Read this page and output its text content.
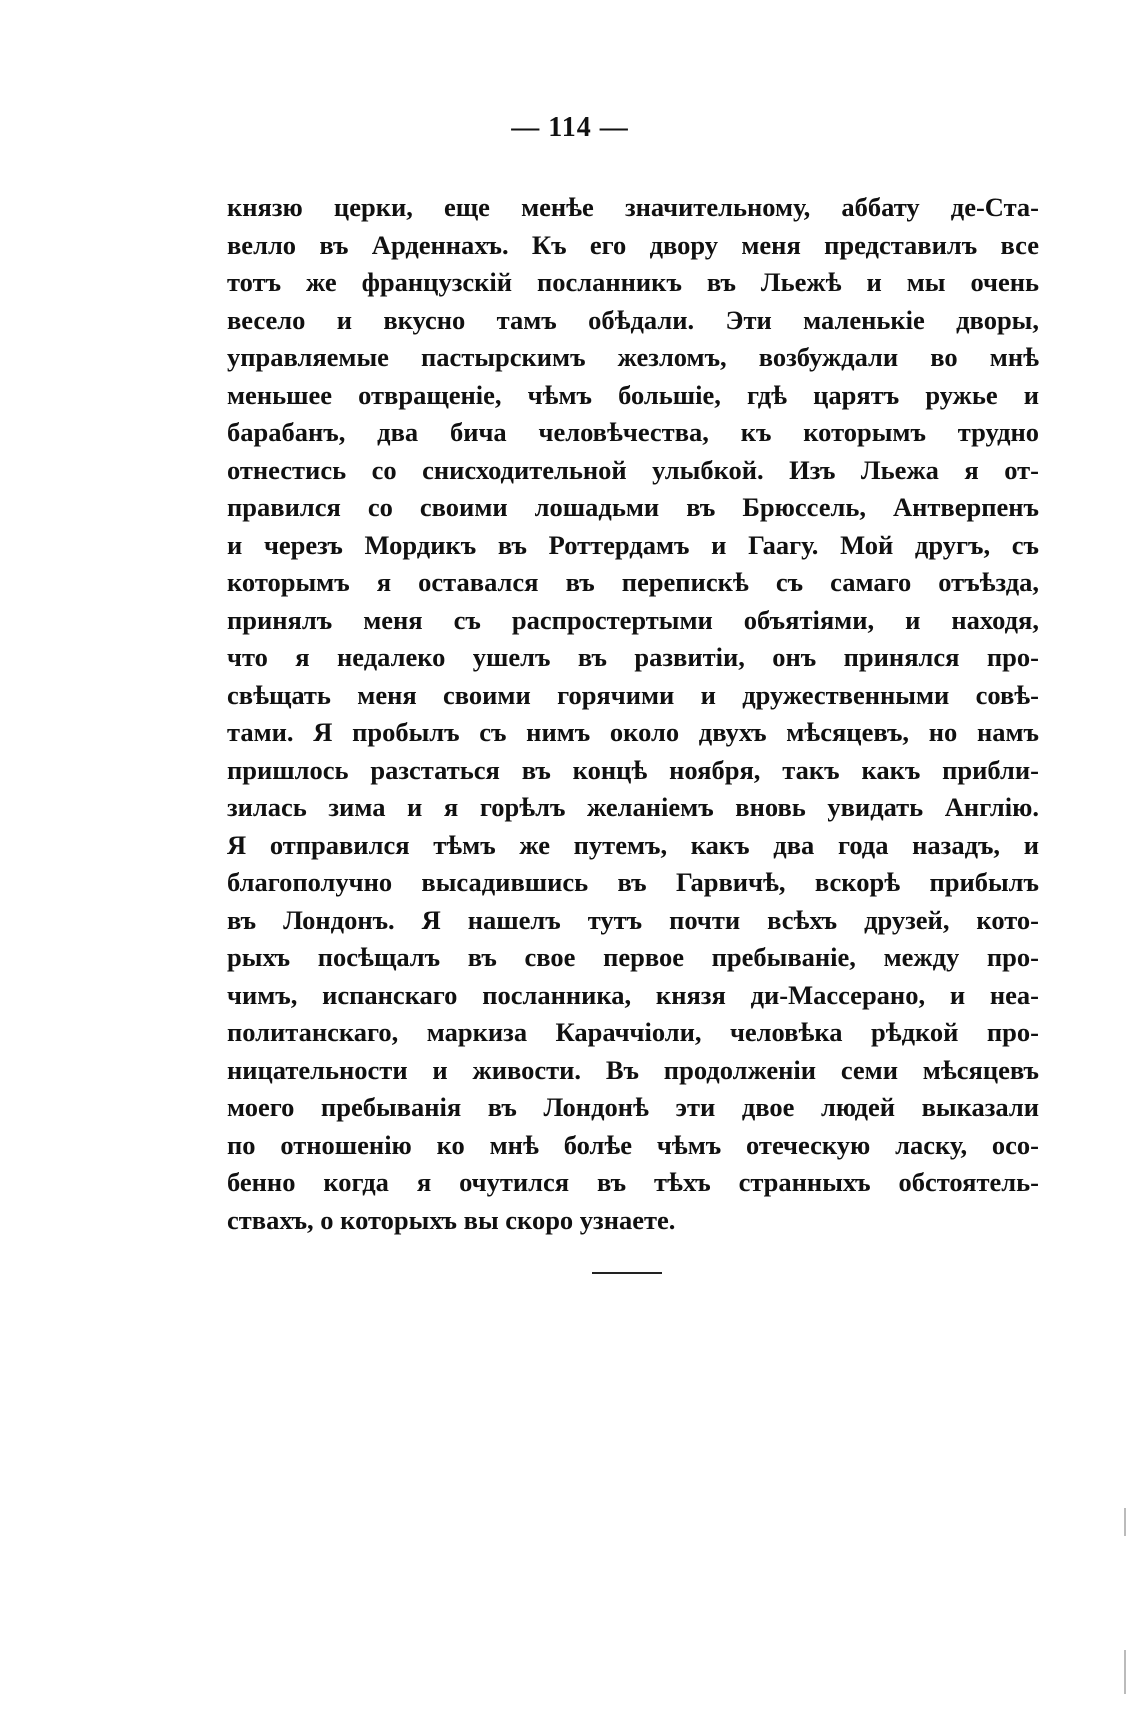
— 114 —
князю церки, еще менѣе значительному, аббату де-Ста-
велло въ Арденнахъ. Къ его двору меня представилъ все
тотъ же французскій посланникъ въ Льежѣ и мы очень
весело и вкусно тамъ обѣдали. Эти маленькіе дворы,
управляемые пастырскимъ жезломъ, возбуждали во мнѣ
меньшее отвращеніе, чѣмъ большіе, гдѣ царятъ ружье и
барабанъ, два бича человѣчества, къ которымъ трудно
отнестись со снисходительной улыбкой. Изъ Льежа я от-
правился со своими лошадьми въ Брюссель, Антверпенъ
и черезъ Мордикъ въ Роттердамъ и Гаагу. Мой другъ, съ
которымъ я оставался въ перепискѣ съ самаго отъѣзда,
принялъ меня съ распростертыми объятіями, и находя,
что я недалеко ушелъ въ развитіи, онъ принялся про-
свѣщать меня своими горячими и дружественными совѣ-
тами. Я пробылъ съ нимъ около двухъ мѣсяцевъ, но намъ
пришлось разстаться въ концѣ ноября, такъ какъ прибли-
зилась зима и я горѣлъ желаніемъ вновь увидать Англію.
Я отправился тѣмъ же путемъ, какъ два года назадъ, и
благополучно высадившись въ Гарвичѣ, вскорѣ прибылъ
въ Лондонъ. Я нашелъ тутъ почти всѣхъ друзей, кото-
рыхъ посѣщалъ въ свое первое пребываніе, между про-
чимъ, испанскаго посланника, князя ди-Массерано, и неа-
политанскаго, маркиза Караччіоли, человѣка рѣдкой про-
ницательности и живости. Въ продолженіи семи мѣсяцевъ
моего пребыванія въ Лондонѣ эти двое людей выказали
по отношенію ко мнѣ болѣе чѣмъ отеческую ласку, осо-
бенно когда я очутился въ тѣхъ странныхъ обстоятель-
ствахъ, о которыхъ вы скоро узнаете.
